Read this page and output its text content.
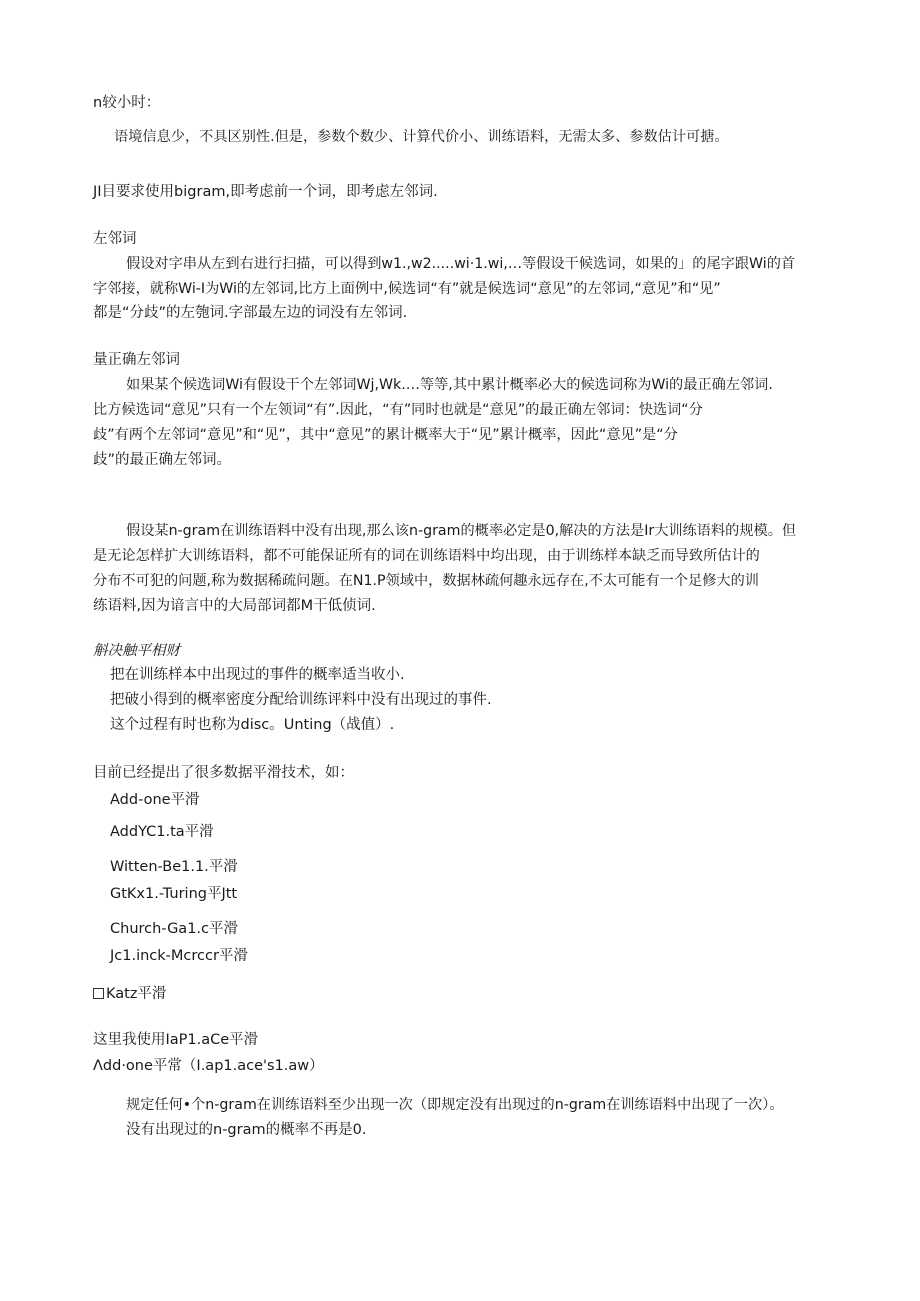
n较小时：
语境信息少，不具区别性.但是，参数个数少、计算代价小、训练语料，无需太多、参数估计可搪。
JI目要求使用bigram,即考虑前一个词，即考虑左邻词.
左邻词
假设对字串从左到右进行扫描，可以得到w1.,w2.....wi·1.wi,…等假设干候选词，如果的」的尾字跟Wi的首
字邻接，就称Wi-I为Wi的左邻词,比方上面例中,候选词“有”就是候选词“意见”的左邻词,“意见”和“见”
都是“分歧”的左匏词.字部最左边的词没有左邻词.
量正确左邻词
如果某个候选词Wi有假设干个左邻词Wj,Wk.…等等,其中累计概率必大的候选词称为Wi的最正确左邻词.
比方候选词“意见”只有一个左领词“有”.因此，“有”同时也就是“意见”的最正确左邻词：快选词“分
歧”有两个左邻词“意见”和“见”，其中“意见”的累计概率大于“见”累计概率，因此“意见”是“分
歧”的最正确左邻词。
假设某n-gram在训练语料中没有出现,那么该n-gram的概率必定是0,解决的方法是Ir大训练语料的规模。但
是无论怎样扩大训练语料，都不可能保证所有的词在训练语料中均出现，由于训练样本缺乏而导致所估计的
分布不可犯的问题,称为数据稀疏问题。在N1.P领域中，数据林疏何趣永远存在,不太可能有一个足修大的训
练语料,因为谙言中的大局部词都M干低侦词.
斛决触平相财
把在训练样本中出现过的事件的概率适当收小.
把破小得到的概率密度分配给训练评料中没有出现过的事件.
这个过程有时也称为disc。Unting（战值）.
目前已经提出了很多数据平滑技术，如：
Add-one平滑
AddYC1.ta平滑
Witten-Be1.1.平滑
GtKx1.-Turing平Jtt
Church-Ga1.c平滑
Jc1.inck-Mcrccr平滑
Katz平滑
这里我使用IaP1.aCe平滑
Λdd·one平常（I.ap1.ace's1.aw）
规定任何•个n-gram在训练语料至少出现一次（即规定没有出现过的n-gram在训练语料中出现了一次）。
没有出现过的n-gram的概率不再是0.
